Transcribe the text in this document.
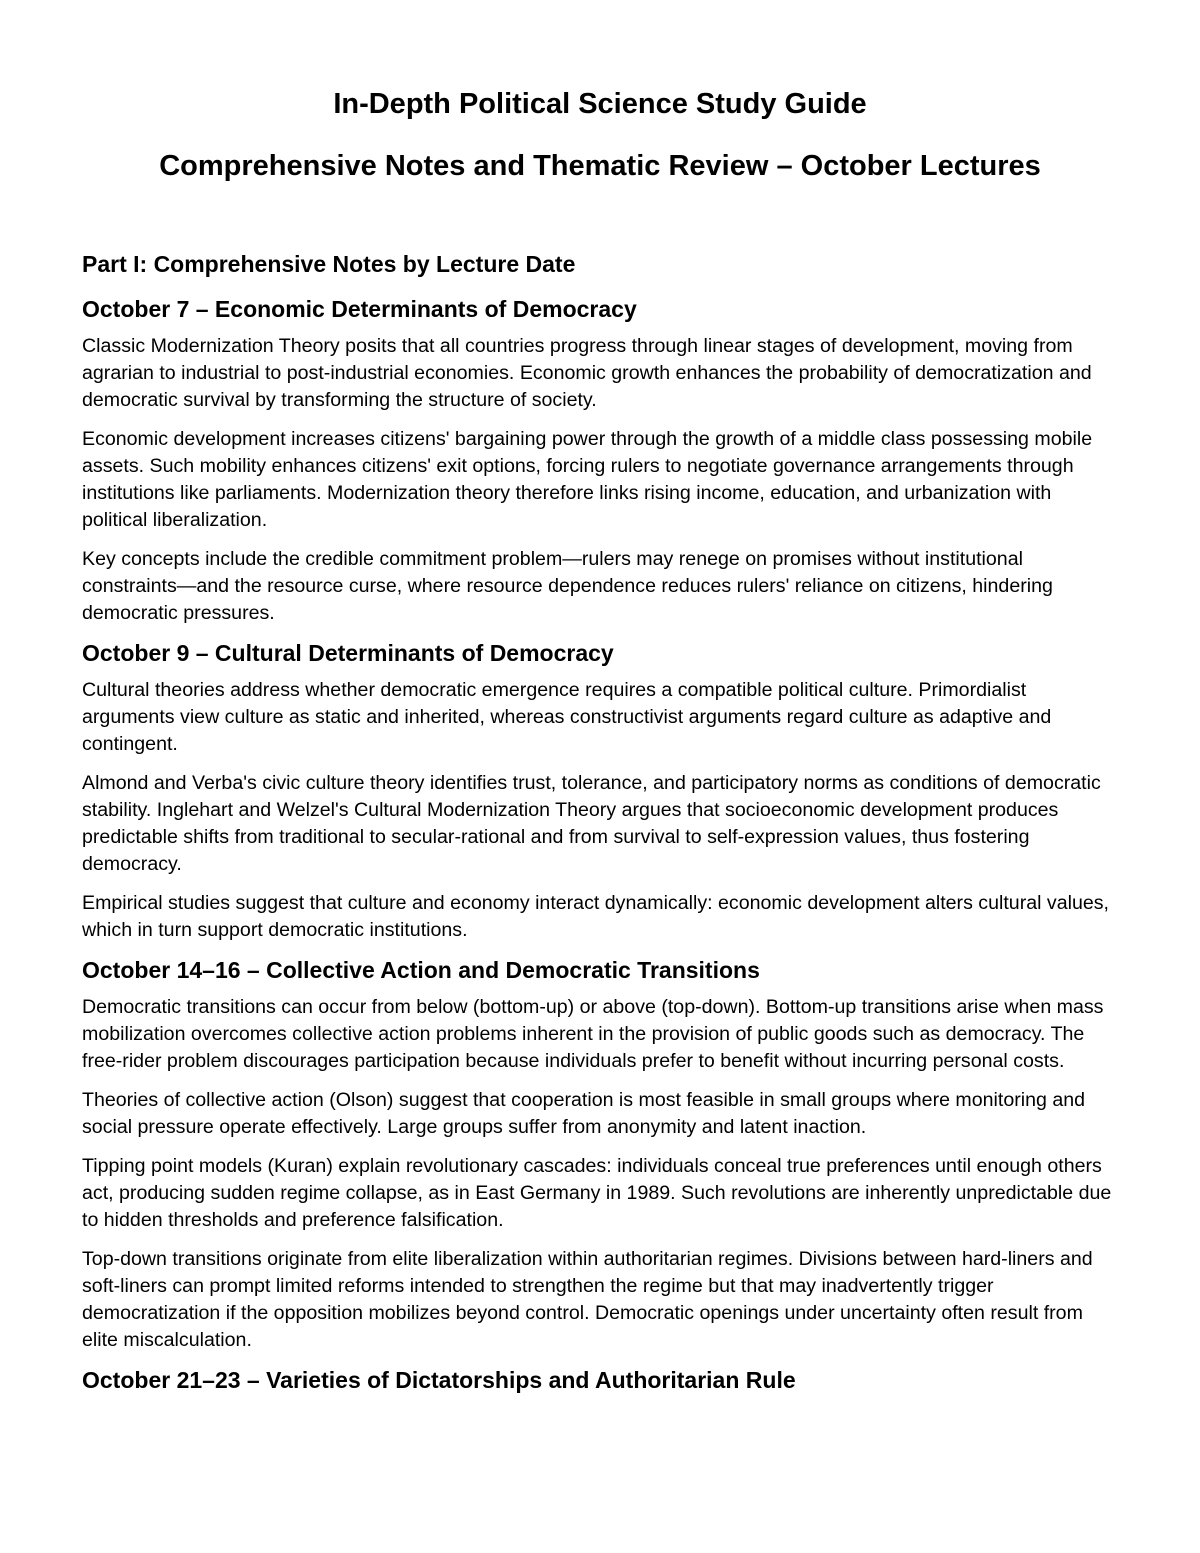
In-Depth Political Science Study Guide
Comprehensive Notes and Thematic Review – October Lectures
Part I: Comprehensive Notes by Lecture Date
October 7 – Economic Determinants of Democracy

Classic Modernization Theory posits that all countries progress through linear stages of development, moving from agrarian to industrial to post-industrial economies. Economic growth enhances the probability of democratization and democratic survival by transforming the structure of society.

Economic development increases citizens' bargaining power through the growth of a middle class possessing mobile assets. Such mobility enhances citizens' exit options, forcing rulers to negotiate governance arrangements through institutions like parliaments. Modernization theory therefore links rising income, education, and urbanization with political liberalization.

Key concepts include the credible commitment problem—rulers may renege on promises without institutional constraints—and the resource curse, where resource dependence reduces rulers' reliance on citizens, hindering democratic pressures.

October 9 – Cultural Determinants of Democracy

Cultural theories address whether democratic emergence requires a compatible political culture. Primordialist arguments view culture as static and inherited, whereas constructivist arguments regard culture as adaptive and contingent.

Almond and Verba's civic culture theory identifies trust, tolerance, and participatory norms as conditions of democratic stability. Inglehart and Welzel's Cultural Modernization Theory argues that socioeconomic development produces predictable shifts from traditional to secular-rational and from survival to self-expression values, thus fostering democracy.

Empirical studies suggest that culture and economy interact dynamically: economic development alters cultural values, which in turn support democratic institutions.

October 14–16 – Collective Action and Democratic Transitions

Democratic transitions can occur from below (bottom-up) or above (top-down). Bottom-up transitions arise when mass mobilization overcomes collective action problems inherent in the provision of public goods such as democracy. The free-rider problem discourages participation because individuals prefer to benefit without incurring personal costs.

Theories of collective action (Olson) suggest that cooperation is most feasible in small groups where monitoring and social pressure operate effectively. Large groups suffer from anonymity and latent inaction.

Tipping point models (Kuran) explain revolutionary cascades: individuals conceal true preferences until enough others act, producing sudden regime collapse, as in East Germany in 1989. Such revolutions are inherently unpredictable due to hidden thresholds and preference falsification.

Top-down transitions originate from elite liberalization within authoritarian regimes. Divisions between hard-liners and soft-liners can prompt limited reforms intended to strengthen the regime but that may inadvertently trigger democratization if the opposition mobilizes beyond control. Democratic openings under uncertainty often result from elite miscalculation.

October 21–23 – Varieties of Dictatorships and Authoritarian Rule
